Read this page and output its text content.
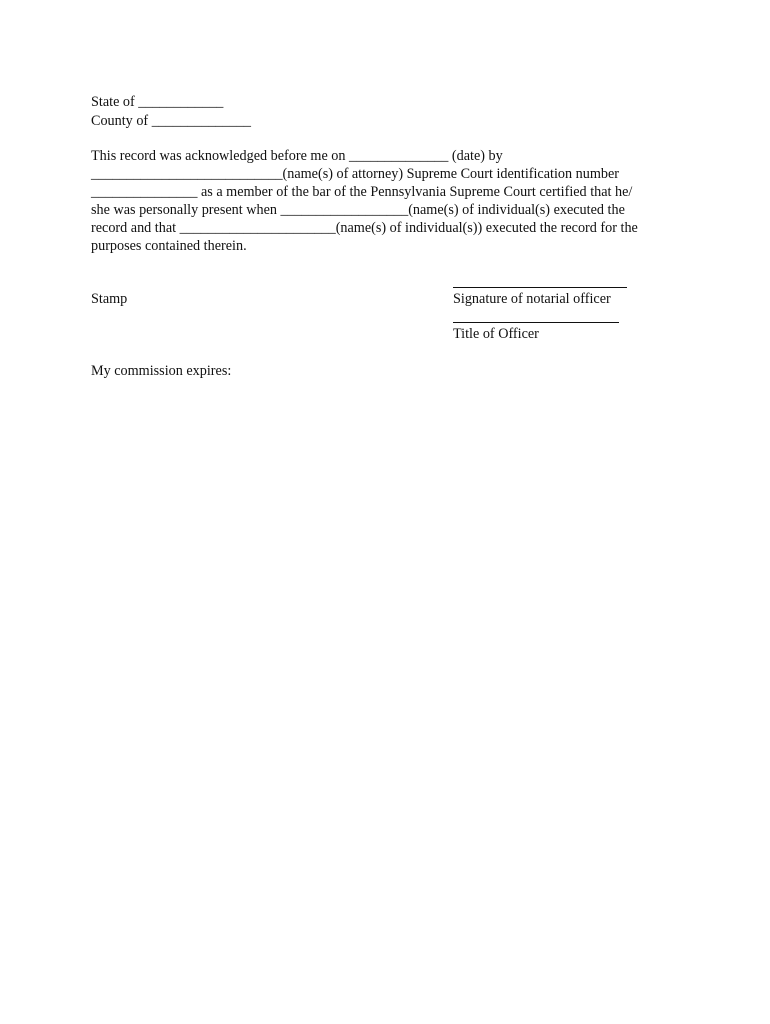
State of ____________

County of ______________

This record was acknowledged before me on ______________ (date) by

___________________________(name(s) of attorney) Supreme Court identification number

_______________ as a member of the bar of the Pennsylvania Supreme Court certified that he/

she was personally present when __________________(name(s) of individual(s) executed the

record and that ______________________(name(s) of individual(s)) executed the record for the

purposes contained therein.

Stamp	Signature of notarial officer

Title of Officer

My commission expires:
